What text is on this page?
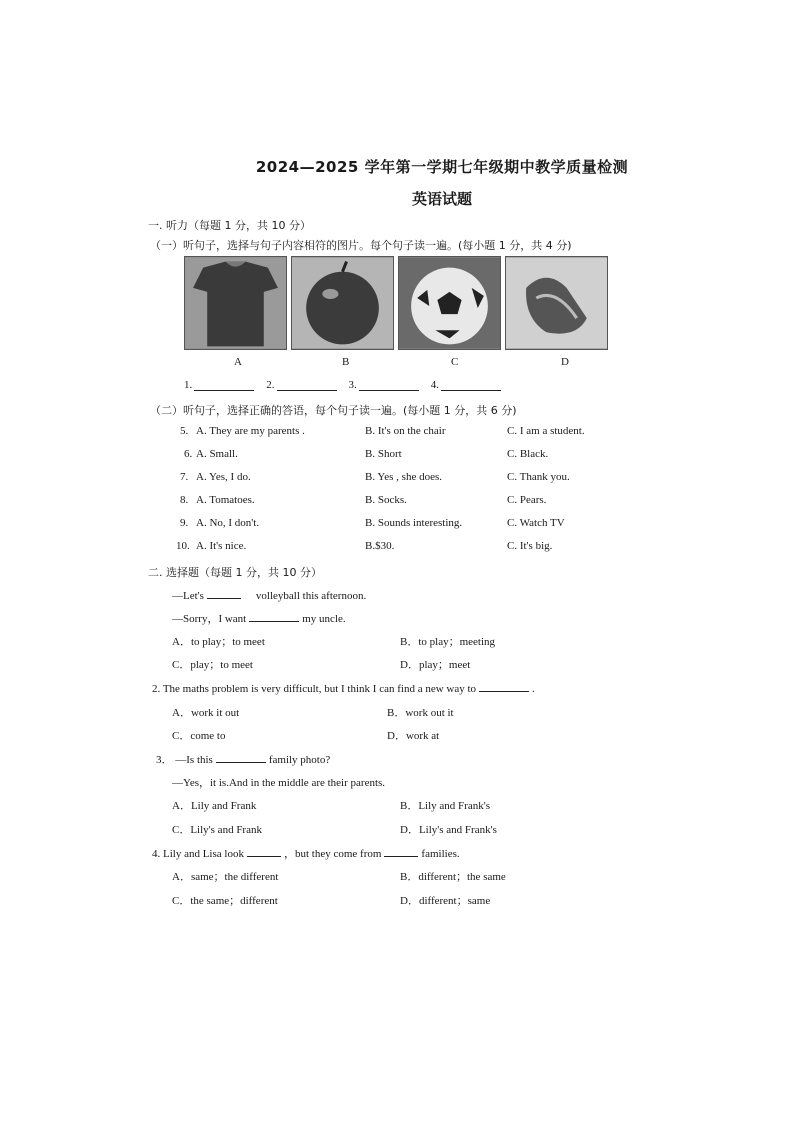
2024—2025 学年第一学期七年级期中教学质量检测
英语试题
一. 听力（每题 1 分，共 10 分）
（一）听句子，选择与句子内容相符的图片。每个句子读一遍。(每小题 1 分，共 4 分)
A	B	C	D
1.	2.	3.	4.
（二）听句子，选择正确的答语，每个句子读一遍。(每小题 1 分，共 6 分)
5. A. They are my parents .	B. It's on the chair	C. I am a student.
6. A. Small.	B. Short	C. Black.
7. A. Yes, I do.	B. Yes , she does.	C. Thank you.
8. A. Tomatoes.	B. Socks.	C. Pears.
9. A. No, I don't.	B. Sounds interesting.	C. Watch TV
10. A. It's nice.	B.$30.	C. It's big.
二. 选择题（每题 1 分，共 10 分）
—Let's	volleyball this afternoon.
—Sorry，I want	my uncle.
A．to play；to meet	B．to play；meeting
C．play；to meet	D．play；meet
2. The maths problem is very difficult, but I think I can find a new way to	.
A．work it out	B．work out it
C．come to	D．work at
3． —Is this	family photo?
—Yes，it is.And in the middle are their parents.
A．Lily and Frank	B．Lily and Frank's
C．Lily's and Frank	D．Lily's and Frank's
4. Lily and Lisa look	，but they come from	families.
A．same；the different	B．different；the same
C．the same；different	D．different；same
